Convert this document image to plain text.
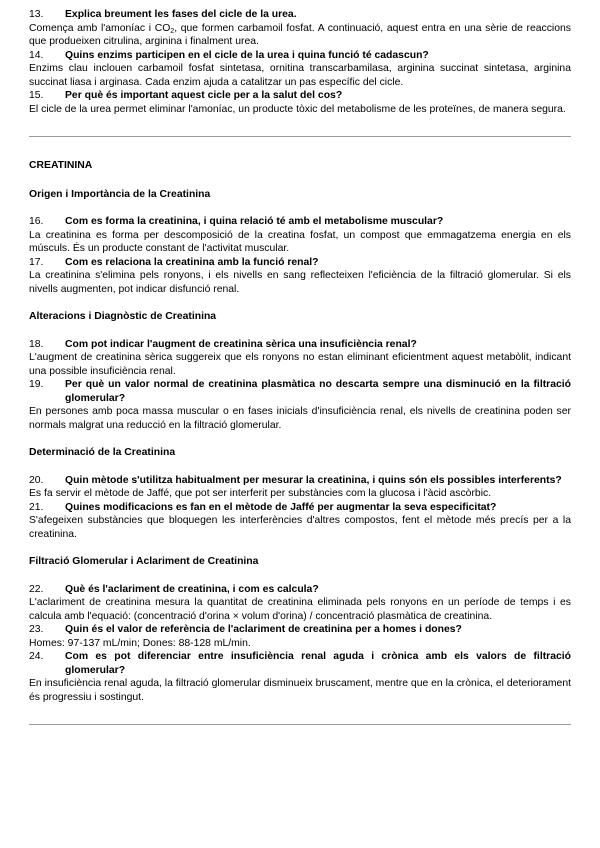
13.	Explica breument les fases del cicle de la urea.

Comença amb l'amoníac i $CO_2$, que formen carbamoil fosfat. A continuació, aquest entra en una sèrie de reaccions que produeixen citrulina, arginina i finalment urea.

14.	Quins enzims participen en el cicle de la urea i quina funció té cadascun?

Enzims clau inclouen carbamoil fosfat sintetasa, ornitina transcarbamilasa, arginina succinat sintetasa, arginina succinat liasa i arginasa. Cada enzim ajuda a catalitzar un pas específic del cicle.

15.	Per què és important aquest cicle per a la salut del cos?

El cicle de la urea permet eliminar l'amoníac, un producte tòxic del metabolisme de les proteïnes, de manera segura.

CREATININA

Origen i Importància de la Creatinina

16.	Com es forma la creatinina, i quina relació té amb el metabolisme muscular?

La creatinina es forma per descomposició de la creatina fosfat, un compost que emmagatzema energia en els músculs. És un producte constant de l'activitat muscular.

17.	Com es relaciona la creatinina amb la funció renal?

La creatinina s'elimina pels ronyons, i els nivells en sang reflecteixen l'eficiència de la filtració glomerular. Si els nivells augmenten, pot indicar disfunció renal.

Alteracions i Diagnòstic de Creatinina

18.	Com pot indicar l'augment de creatinina sèrica una insuficiència renal?

L'augment de creatinina sèrica suggereix que els ronyons no estan eliminant eficientment aquest metabòlit, indicant una possible insuficiència renal.

19.	Per què un valor normal de creatinina plasmàtica no descarta sempre una disminució en la filtració glomerular?

En persones amb poca massa muscular o en fases inicials d'insuficiència renal, els nivells de creatinina poden ser normals malgrat una reducció en la filtració glomerular.

Determinació de la Creatinina

20.	Quin mètode s'utilitza habitualment per mesurar la creatinina, i quins són els possibles interferents?

Es fa servir el mètode de Jaffé, que pot ser interferit per substàncies com la glucosa i l'àcid ascòrbic.

21.	Quines modificacions es fan en el mètode de Jaffé per augmentar la seva especificitat?

S'afegeixen substàncies que bloquegen les interferències d'altres compostos, fent el mètode més precís per a la creatinina.

Filtració Glomerular i Aclariment de Creatinina

22.	Què és l'aclariment de creatinina, i com es calcula?

L'aclariment de creatinina mesura la quantitat de creatinina eliminada pels ronyons en un període de temps i es calcula amb l'equació: (concentració d'orina × volum d'orina) / concentració plasmàtica de creatinina.

23.	Quin és el valor de referència de l'aclariment de creatinina per a homes i dones?

Homes: 97-137 mL/min; Dones: 88-128 mL/min.

24.	Com es pot diferenciar entre insuficiència renal aguda i crònica amb els valors de filtració glomerular?

En insuficiència renal aguda, la filtració glomerular disminueix bruscament, mentre que en la crònica, el deteriorament és progressiu i sostingut.
